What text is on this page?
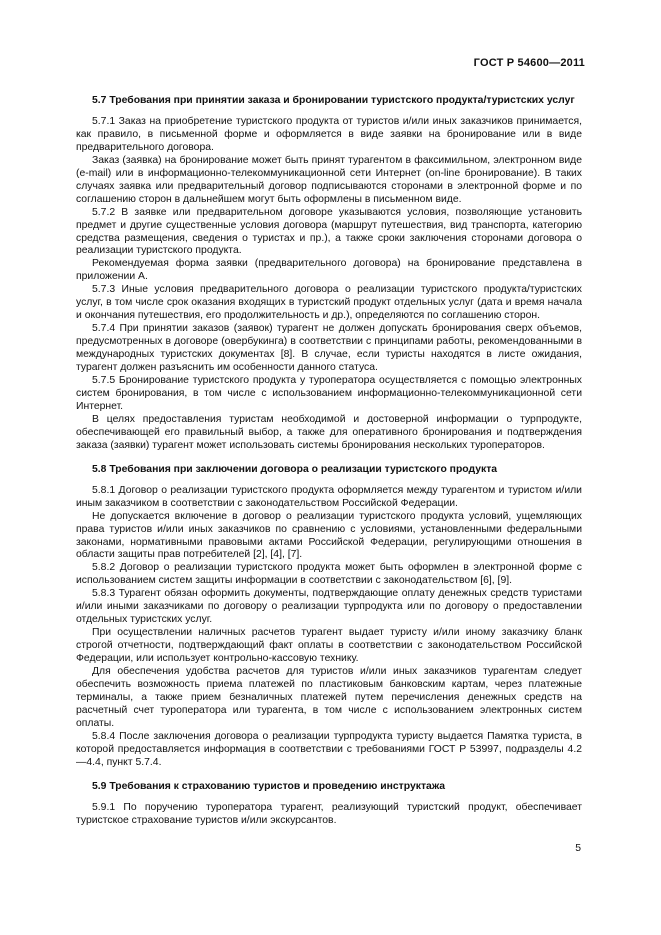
ГОСТ Р 54600—2011

5.7 Требования при принятии заказа и бронировании туристского продукта/туристских услуг

5.7.1 Заказ на приобретение туристского продукта от туристов и/или иных заказчиков принимается, как правило, в письменной форме и оформляется в виде заявки на бронирование или в виде предварительного договора.

Заказ (заявка) на бронирование может быть принят турагентом в факсимильном, электронном виде (e-mail) или в информационно-телекоммуникационной сети Интернет (on-line бронирование). В таких случаях заявка или предварительный договор подписываются сторонами в электронной форме и по соглашению сторон в дальнейшем могут быть оформлены в письменном виде.

5.7.2 В заявке или предварительном договоре указываются условия, позволяющие установить предмет и другие существенные условия договора (маршрут путешествия, вид транспорта, категорию средства размещения, сведения о туристах и пр.), а также сроки заключения сторонами договора о реализации туристского продукта.

Рекомендуемая форма заявки (предварительного договора) на бронирование представлена в приложении А.

5.7.3 Иные условия предварительного договора о реализации туристского продукта/туристских услуг, в том числе срок оказания входящих в туристский продукт отдельных услуг (дата и время начала и окончания путешествия, его продолжительность и др.), определяются по соглашению сторон.

5.7.4 При принятии заказов (заявок) турагент не должен допускать бронирования сверх объемов, предусмотренных в договоре (овербукинга) в соответствии с принципами работы, рекомендованными в международных туристских документах [8]. В случае, если туристы находятся в листе ожидания, турагент должен разъяснить им особенности данного статуса.

5.7.5 Бронирование туристского продукта у туроператора осуществляется с помощью электронных систем бронирования, в том числе с использованием информационно-телекоммуникационной сети Интернет.

В целях предоставления туристам необходимой и достоверной информации о турпродукте, обеспечивающей его правильный выбор, а также для оперативного бронирования и подтверждения заказа (заявки) турагент может использовать системы бронирования нескольких туроператоров.

5.8 Требования при заключении договора о реализации туристского продукта

5.8.1 Договор о реализации туристского продукта оформляется между турагентом и туристом и/или иным заказчиком в соответствии с законодательством Российской Федерации.

Не допускается включение в договор о реализации туристского продукта условий, ущемляющих права туристов и/или иных заказчиков по сравнению с условиями, установленными федеральными законами, нормативными правовыми актами Российской Федерации, регулирующими отношения в области защиты прав потребителей [2], [4], [7].

5.8.2 Договор о реализации туристского продукта может быть оформлен в электронной форме с использованием систем защиты информации в соответствии с законодательством [6], [9].

5.8.3 Турагент обязан оформить документы, подтверждающие оплату денежных средств туристами и/или иными заказчиками по договору о реализации турпродукта или по договору о предоставлении отдельных туристских услуг.

При осуществлении наличных расчетов турагент выдает туристу и/или иному заказчику бланк строгой отчетности, подтверждающий факт оплаты в соответствии с законодательством Российской Федерации, или использует контрольно-кассовую технику.

Для обеспечения удобства расчетов для туристов и/или иных заказчиков турагентам следует обеспечить возможность приема платежей по пластиковым банковским картам, через платежные терминалы, а также прием безналичных платежей путем перечисления денежных средств на расчетный счет туроператора или турагента, в том числе с использованием электронных систем оплаты.

5.8.4 После заключения договора о реализации турпродукта туристу выдается Памятка туриста, в которой предоставляется информация в соответствии с требованиями ГОСТ Р 53997, подразделы 4.2—4.4, пункт 5.7.4.

5.9 Требования к страхованию туристов и проведению инструктажа

5.9.1 По поручению туроператора турагент, реализующий туристский продукт, обеспечивает туристское страхование туристов и/или экскурсантов.

5
